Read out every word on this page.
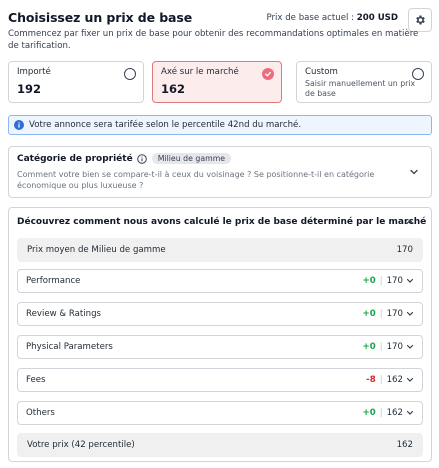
Choisissez un prix de base	Prix de base actuel : 200 USD
Commencez par fixer un prix de base pour obtenir des recommandations optimales en matière de tarification.
Importé
192
Axé sur le marché
162
Custom
Saisir manuellement un prix de base
Votre annonce sera tarifée selon le percentile 42nd du marché.
Catégorie de propriété	Milieu de gamme
Comment votre bien se compare-t-il à ceux du voisinage ? Se positionne-t-il en catégorie économique ou plus luxueuse ?
Découvrez comment nous avons calculé le prix de base déterminé par le marché
Prix moyen de Milieu de gamme	170
Performance	+0 | 170
Review & Ratings	+0 | 170
Physical Parameters	+0 | 170
Fees	-8 | 162
Others	+0 | 162
Votre prix (42 percentile)	162
